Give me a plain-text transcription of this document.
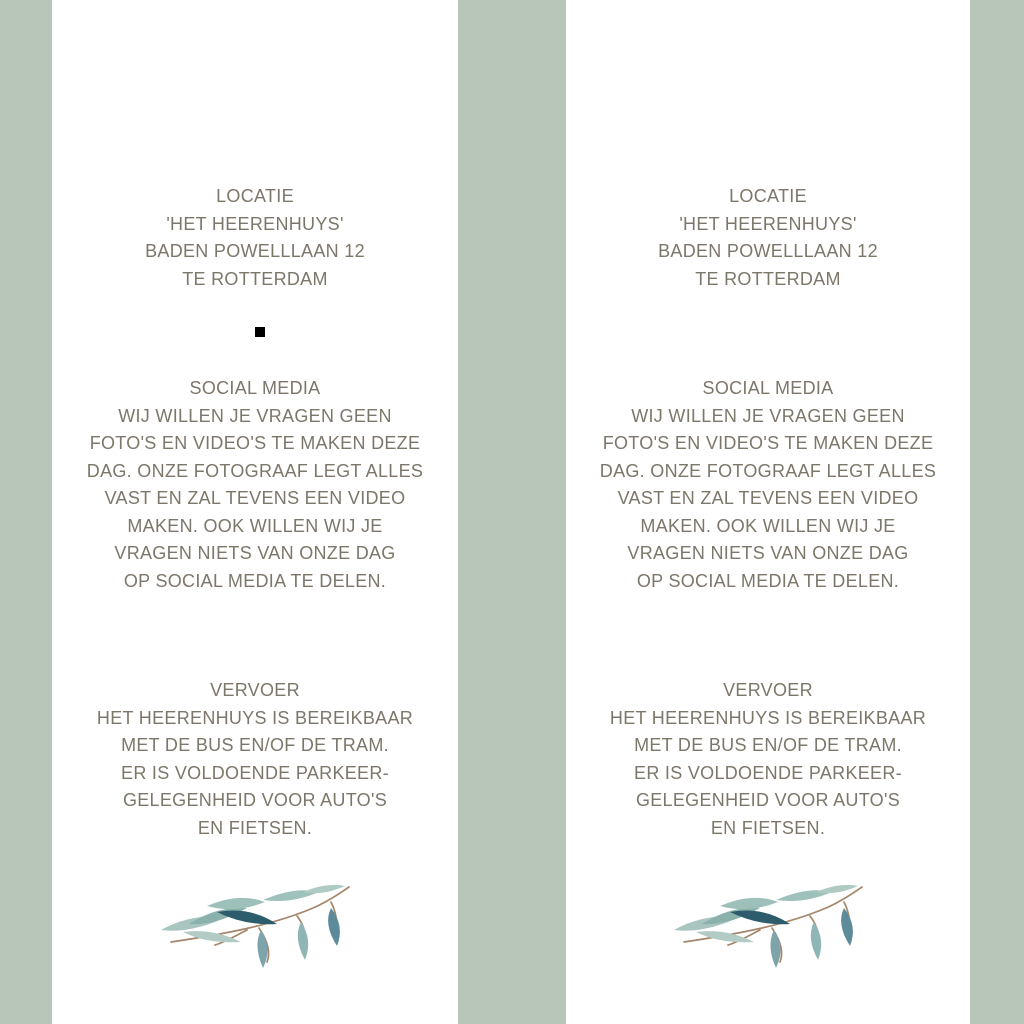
LOCATIE
'HET HEERENHUYS'
BADEN POWELLLAAN 12
TE ROTTERDAM
SOCIAL MEDIA
WIJ WILLEN JE VRAGEN GEEN
FOTO'S EN VIDEO'S TE MAKEN DEZE
DAG. ONZE FOTOGRAAF LEGT ALLES
VAST EN ZAL TEVENS EEN VIDEO
MAKEN. OOK WILLEN WIJ JE
VRAGEN NIETS VAN ONZE DAG
OP SOCIAL MEDIA TE DELEN.
VERVOER
HET HEERENHUYS IS BEREIKBAAR
MET DE BUS EN/OF DE TRAM.
ER IS VOLDOENDE PARKEER-
GELEGENHEID VOOR AUTO'S
EN FIETSEN.
LOCATIE
'HET HEERENHUYS'
BADEN POWELLLAAN 12
TE ROTTERDAM
SOCIAL MEDIA
WIJ WILLEN JE VRAGEN GEEN
FOTO'S EN VIDEO'S TE MAKEN DEZE
DAG. ONZE FOTOGRAAF LEGT ALLES
VAST EN ZAL TEVENS EEN VIDEO
MAKEN. OOK WILLEN WIJ JE
VRAGEN NIETS VAN ONZE DAG
OP SOCIAL MEDIA TE DELEN.
VERVOER
HET HEERENHUYS IS BEREIKBAAR
MET DE BUS EN/OF DE TRAM.
ER IS VOLDOENDE PARKEER-
GELEGENHEID VOOR AUTO'S
EN FIETSEN.
